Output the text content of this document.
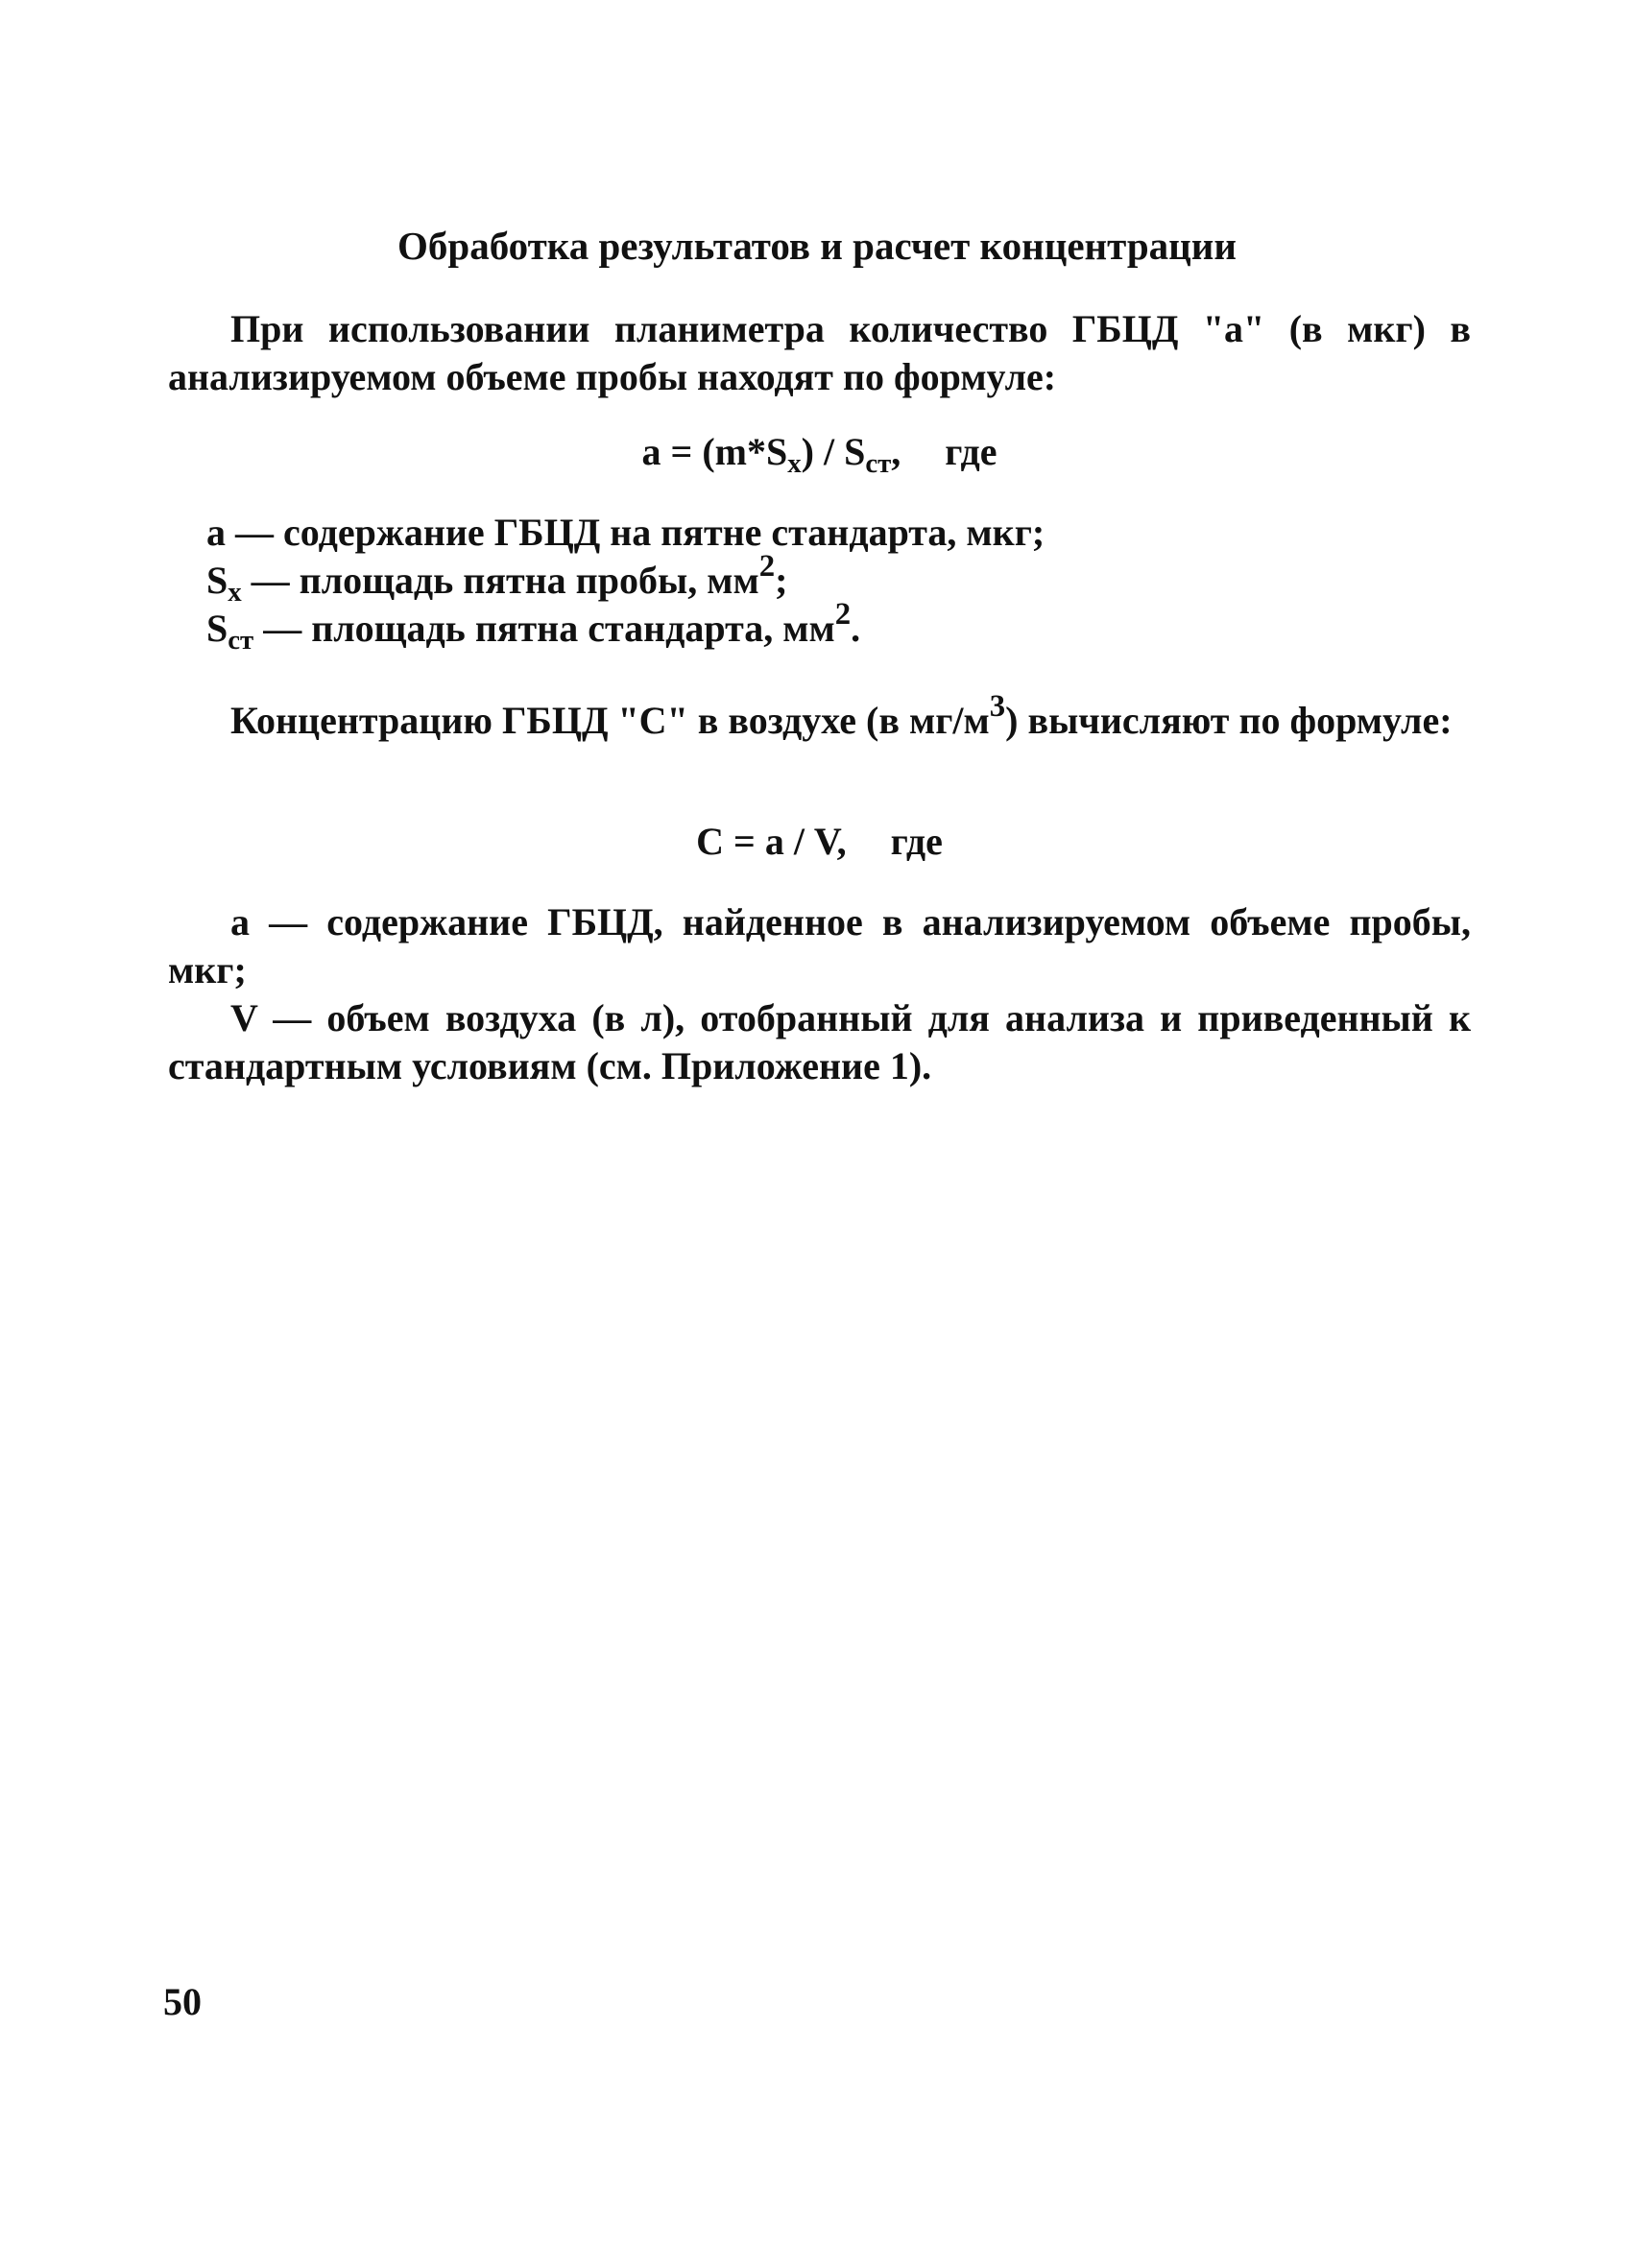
Обработка результатов и расчет концентрации

При использовании планиметра количество ГБЦД "а" (в мкг) в анализируемом объеме пробы находят по формуле:

$а = (m*S_x) / S_{ст}$, где

а — содержание ГБЦД на пятне стандарта, мкг;

$S_x$ — площадь пятна пробы, $мм^2$;

$S_{ст}$ — площадь пятна стандарта, $мм^2$.

Концентрацию ГБЦД "С" в воздухе (в $мг/м^3$) вычисляют по формуле:

С = а / V, где

а — содержание ГБЦД, найденное в анализируемом объеме пробы, мкг;

V — объем воздуха (в л), отобранный для анализа и приведенный к стандартным условиям (см. Приложение 1).

50
